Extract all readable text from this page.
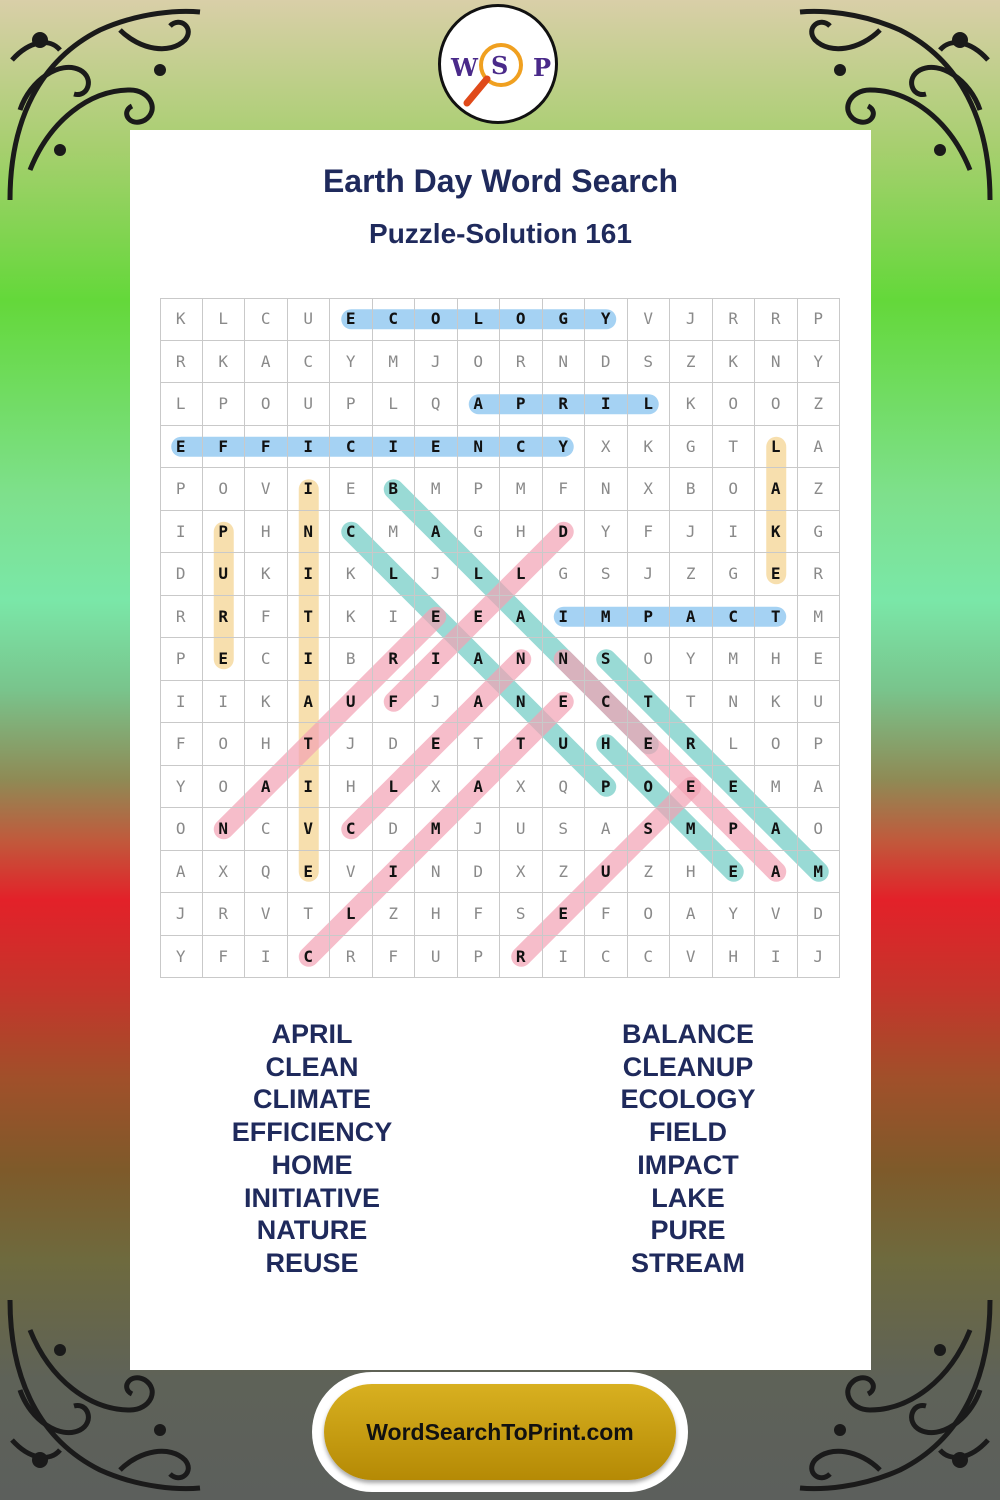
W S P
Earth Day Word Search
Puzzle-Solution 161
K	L	C	U	E	C	O	L	O	G	Y	V	J	R	R	P
R	K	A	C	Y	M	J	O	R	N	D	S	Z	K	N	Y
L	P	O	U	P	L	Q	A	P	R	I	L	K	O	O	Z
E	F	F	I	C	I	E	N	C	Y	X	K	G	T	L	A
P	O	V	I	E	B	M	P	M	F	N	X	B	O	A	Z
I	P	H	N	C	M	A	G	H	D	Y	F	J	I	K	G
D	U	K	I	K	L	J	L	L	G	S	J	Z	G	E	R
R	R	F	T	K	I	E	E	A	I	M	P	A	C	T	M
P	E	C	I	B	R	I	A	N	N	S	O	Y	M	H	E
I	I	K	A	U	F	J	A	N	E	C	T	T	N	K	U
F	O	H	T	J	D	E	T	T	U	H	E	R	L	O	P
Y	O	A	I	H	L	X	A	X	Q	P	O	E	E	M	A
O	N	C	V	C	D	M	J	U	S	A	S	M	P	A	O
A	X	Q	E	V	I	N	D	X	Z	U	Z	H	E	A	M
J	R	V	T	L	Z	H	F	S	E	F	O	A	Y	V	D
Y	F	I	C	R	F	U	P	R	I	C	C	V	H	I	J
APRIL
CLEAN
CLIMATE
EFFICIENCY
HOME
INITIATIVE
NATURE
REUSE
BALANCE
CLEANUP
ECOLOGY
FIELD
IMPACT
LAKE
PURE
STREAM
WordSearchToPrint.com
